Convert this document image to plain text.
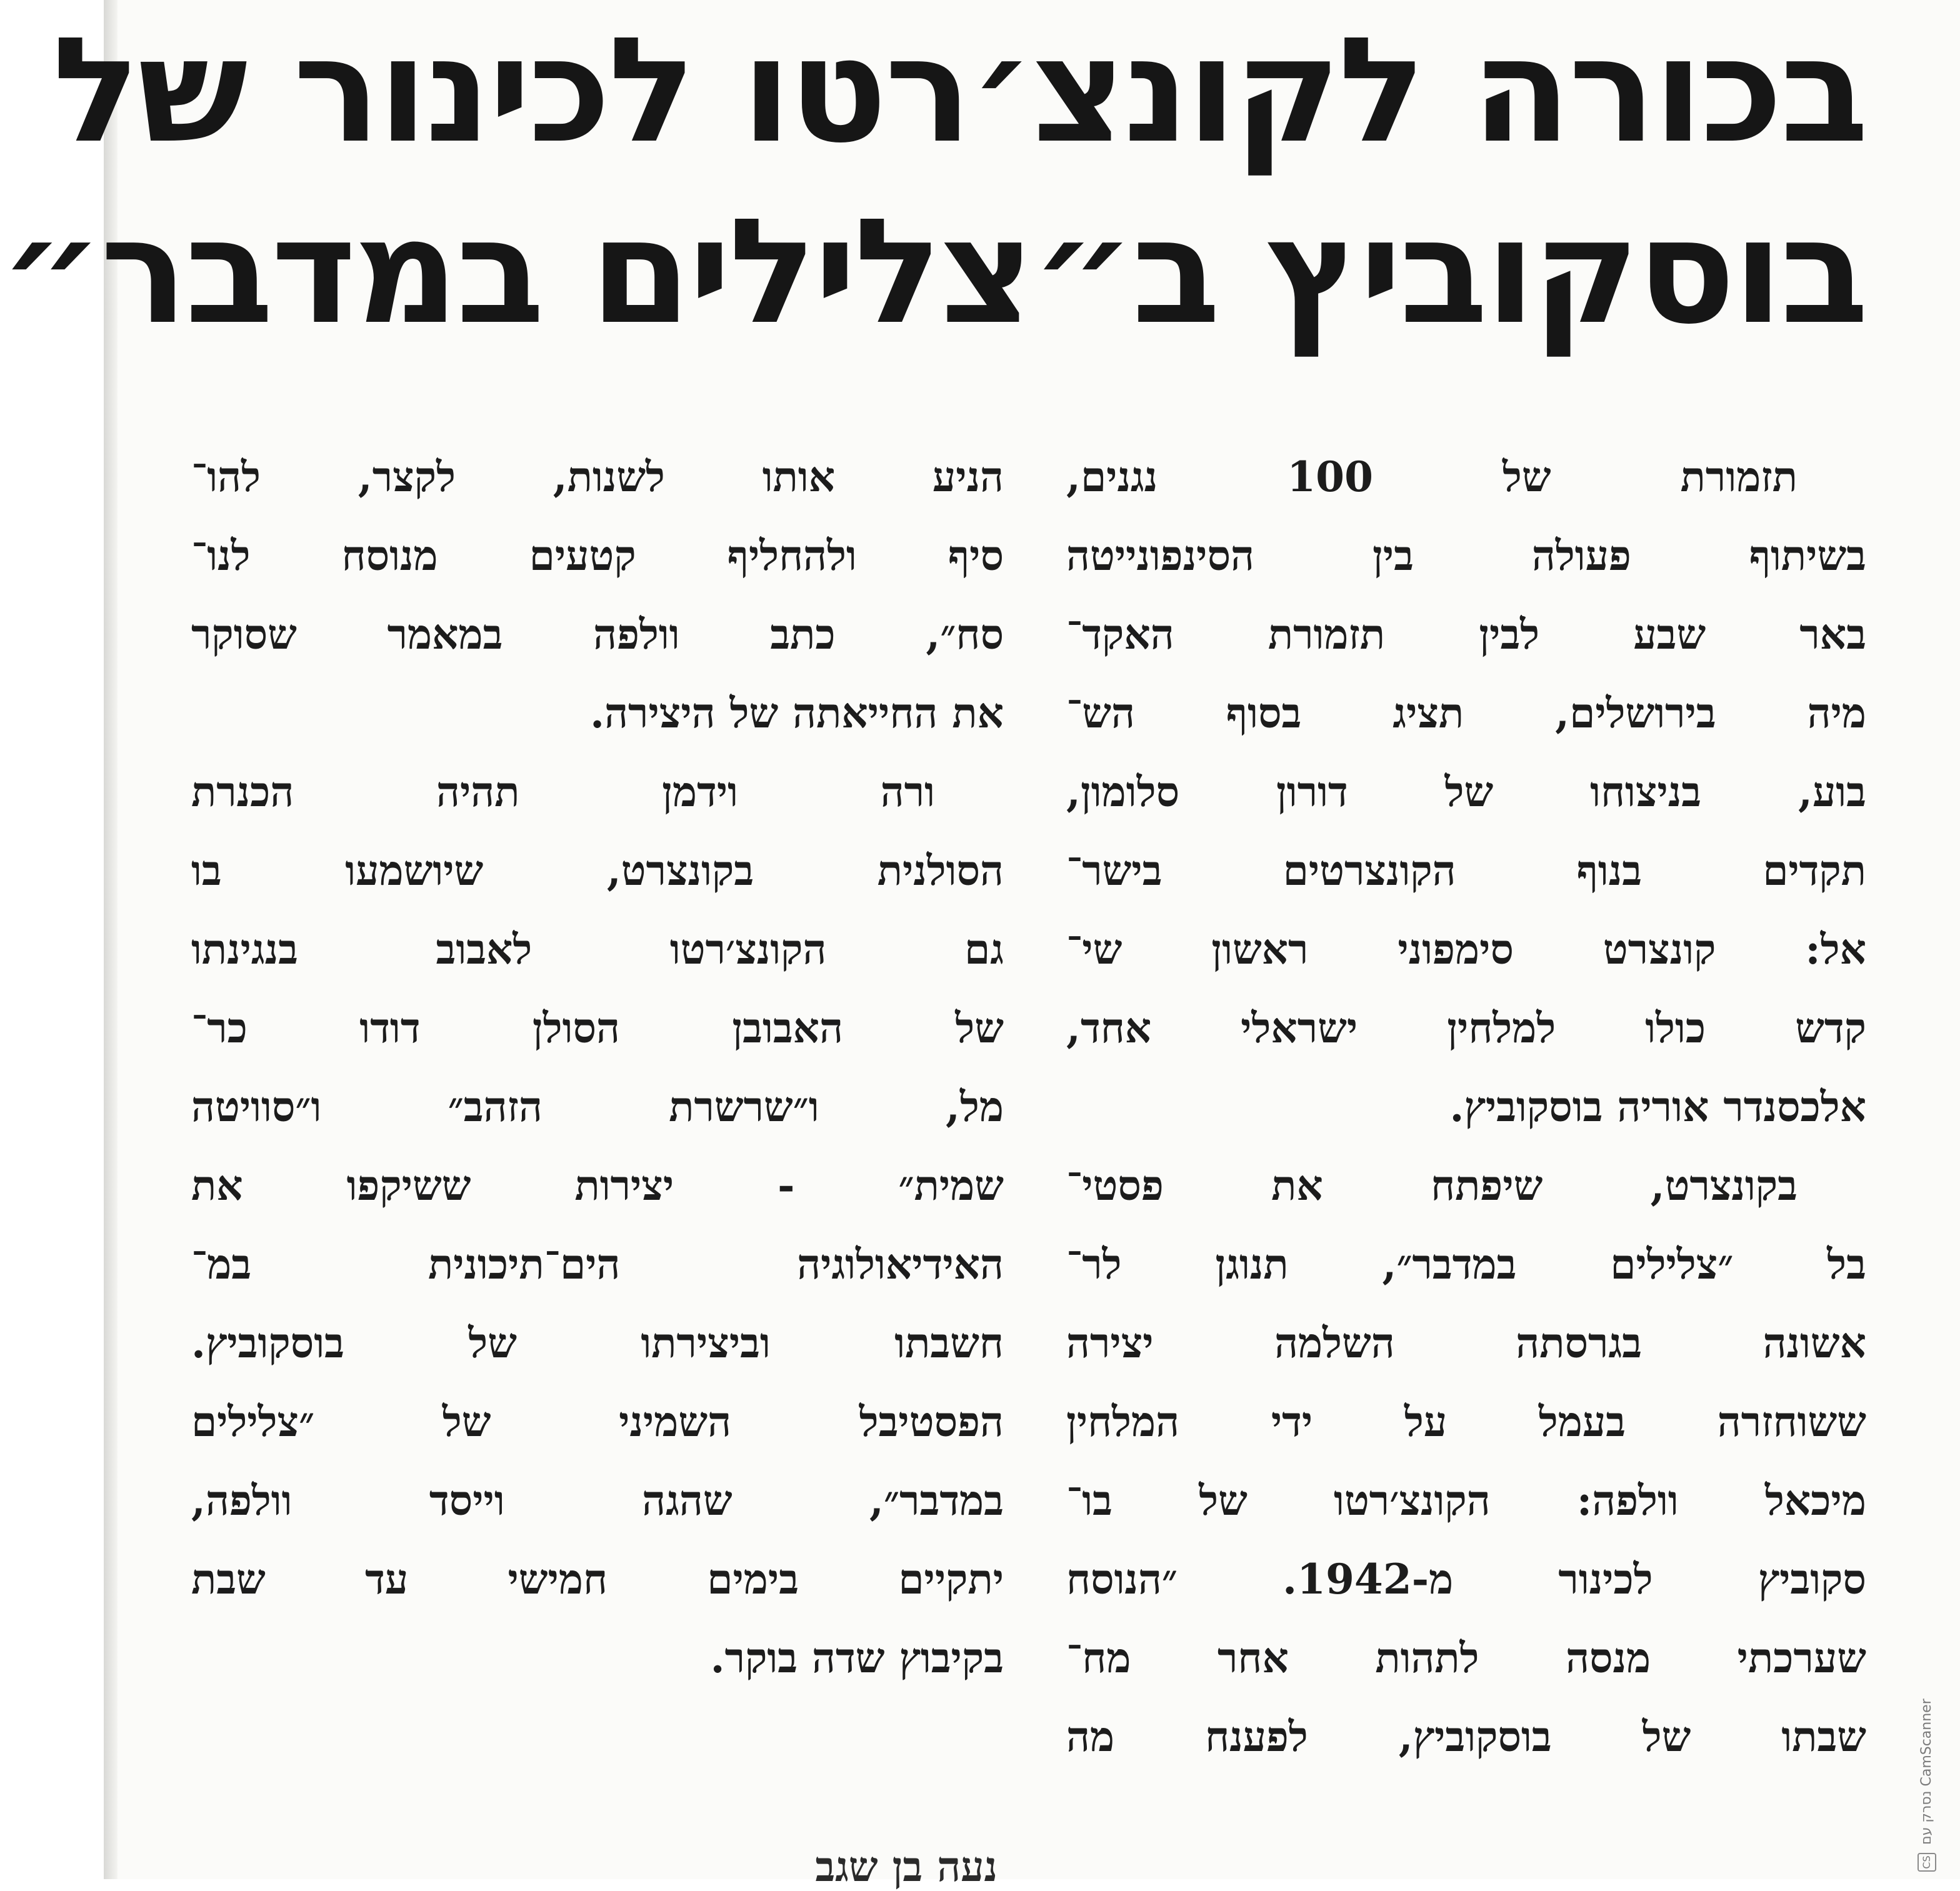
בכורה לקונצ׳רטו לכינור של
בוסקוביץ ב״צלילים במדבר״
תזמורת של 100 נגנים,
בשיתוף פעולה בין הסינפונייטה
באר שבע לבין תזמורת האקד־
מיה בירושלים, תציג בסוף הש־
בוע, בניצוחו של דורון סלומון,
תקדים בנוף הקונצרטים בישר־
אל: קונצרט סימפוני ראשון שי־
קדש כולו למלחין ישראלי אחד,
אלכסנדר אוריה בוסקוביץ.
בקונצרט, שיפתח את פסטי־
בל ״צלילים במדבר״, תנוגן לר־
אשונה בגרסתה השלמה יצירה
ששוחזרה בעמל על ידי המלחין
מיכאל וולפה: הקונצ׳רטו של בו־
סקוביץ לכינור מ-1942. ״הנוסח
שערכתי מנסה לתהות אחר מח־
שבתו של בוסקוביץ, לפענח מה
הניע אותו לשנות, לקצר, להו־
סיף ולהחליף קטעים מנוסח לנו־
סח״, כתב וולפה במאמר שסוקר
את החייאתה של היצירה.
ורה וידמן תהיה הכנרת
הסולנית בקונצרט, שיושמעו בו
גם הקונצ׳רטו לאבוב בנגינתו
של האבובן הסולן דודו כר־
מל, ו״שרשרת הזהב״ ו״סוויטה
שמית״ - יצירות ששיקפו את
האידיאולוגיה הים־תיכונית במ־
חשבתו וביצירתו של בוסקוביץ.
הפסטיבל השמיני של ״צלילים
במדבר״, שהגה וייסד וולפה,
יתקיים בימים חמישי עד שבת
בקיבוץ שדה בוקר.
נעה בן שגב	CS נסרק עם CamScanner
